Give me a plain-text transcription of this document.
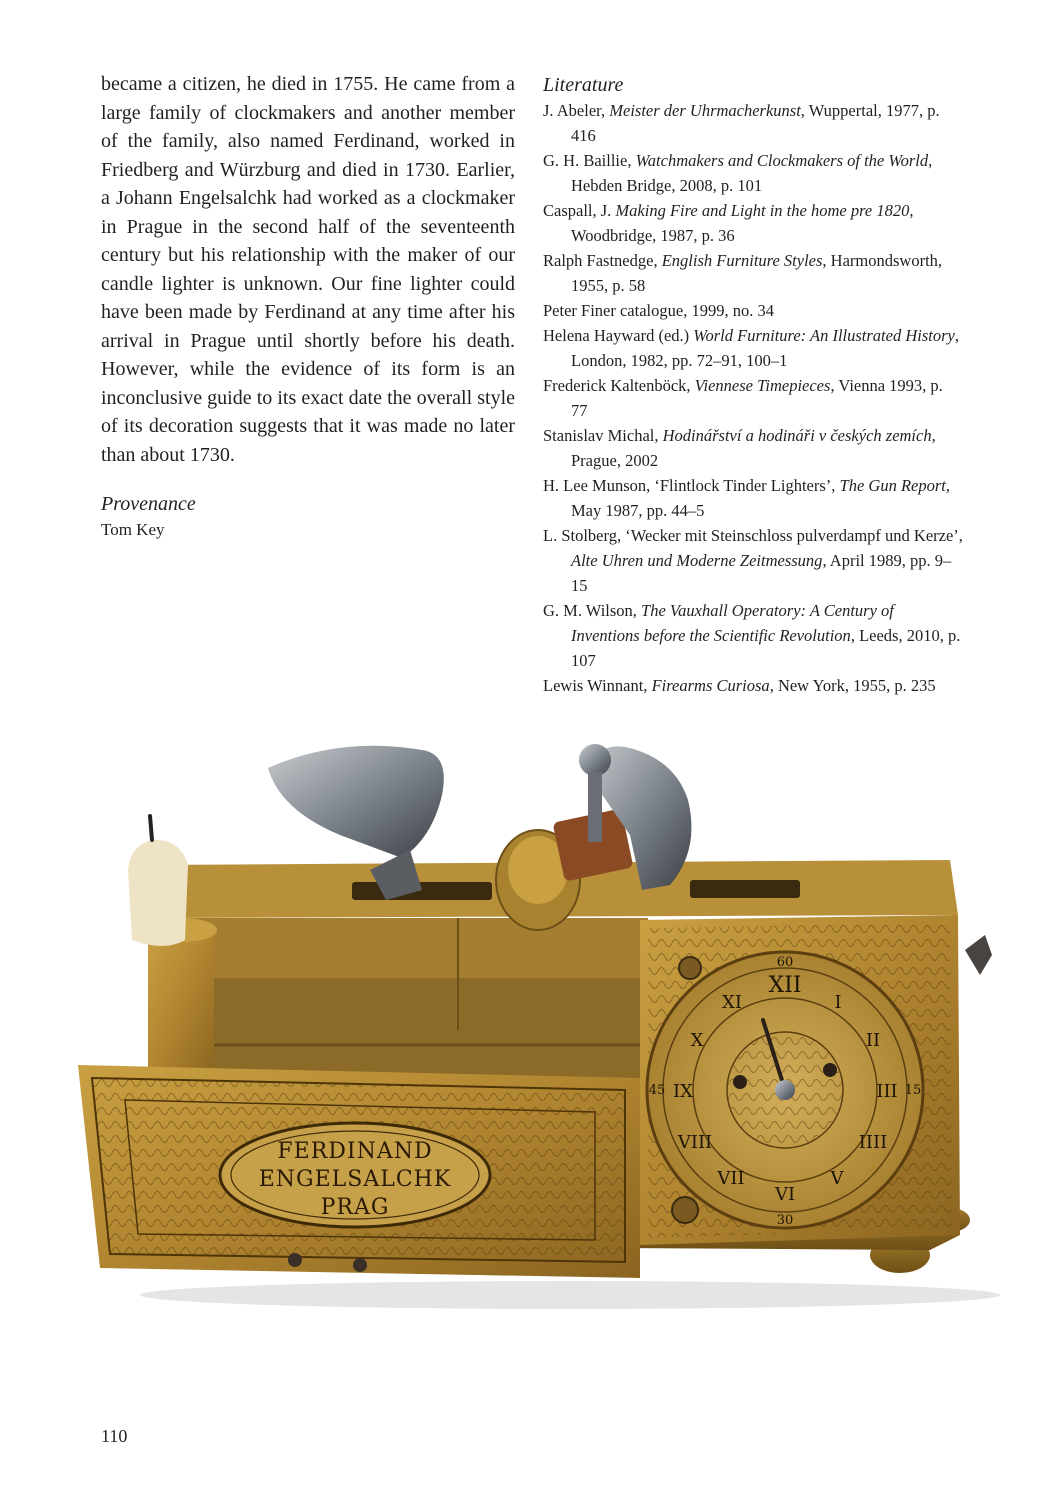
became a citizen, he died in 1755. He came from a large family of clockmakers and another member of the family, also named Ferdinand, worked in Friedberg and Würzburg and died in 1730. Earlier, a Johann Engelsalchk had worked as a clockmaker in Prague in the second half of the seventeenth century but his relationship with the maker of our candle lighter is unknown. Our fine lighter could have been made by Ferdinand at any time after his arrival in Prague until shortly before his death. However, while the evidence of its form is an inconclusive guide to its exact date the overall style of its decoration suggests that it was made no later than about 1730.

Provenance

Tom Key

Literature
J. Abeler, Meister der Uhrmacherkunst, Wuppertal, 1977, p. 416
G. H. Baillie, Watchmakers and Clockmakers of the World, Hebden Bridge, 2008, p. 101
Caspall, J. Making Fire and Light in the home pre 1820, Woodbridge, 1987, p. 36
Ralph Fastnedge, English Furniture Styles, Harmondsworth, 1955, p. 58
Peter Finer catalogue, 1999, no. 34
Helena Hayward (ed.) World Furniture: An Illustrated History, London, 1982, pp. 72–91, 100–1
Frederick Kaltenböck, Viennese Timepieces, Vienna 1993, p. 77
Stanislav Michal, Hodinářství a hodináři v českých zemích, Prague, 2002
H. Lee Munson, ‘Flintlock Tinder Lighters’, The Gun Report, May 1987, pp. 44–5
L. Stolberg, ‘Wecker mit Steinschloss pulverdampf und Kerze’, Alte Uhren und Moderne Zeitmessung, April 1989, pp. 9–15
G. M. Wilson, The Vauxhall Operatory: A Century of Inventions before the Scientific Revolution, Leeds, 2010, p. 107
Lewis Winnant, Firearms Curiosa, New York, 1955, p. 235
FERDINAND
ENGELSALCHK
PRAG
XII
I
II
III
IIII
V
VI
VII
VIII
IX
X
XI
60
15
30
45
110
